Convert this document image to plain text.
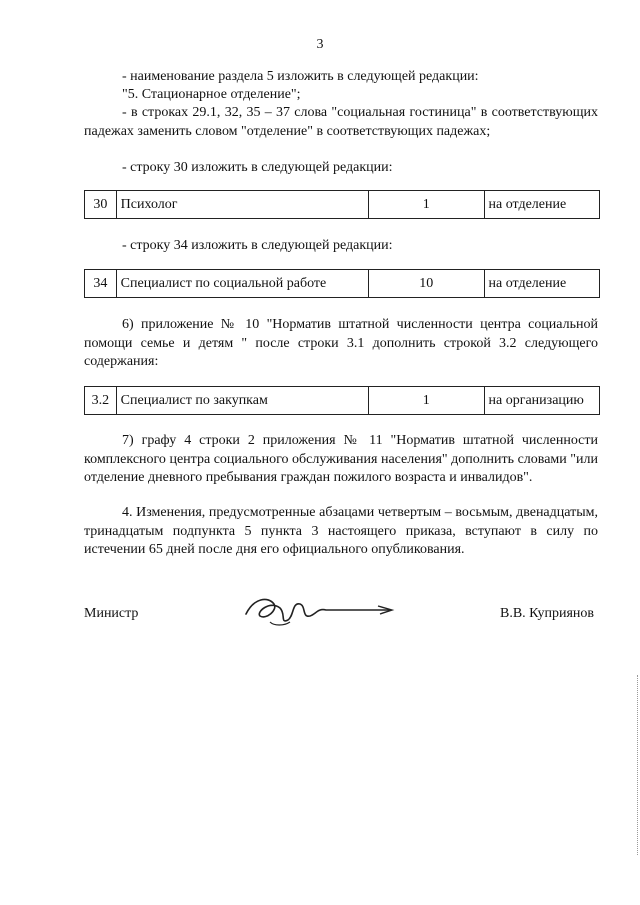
3
- наименование раздела 5 изложить в следующей редакции:
"5. Стационарное отделение";
- в строках 29.1, 32, 35 – 37 слова "социальная гостиница" в соответствующих падежах заменить словом "отделение" в соответствующих падежах;
- строку 30 изложить в следующей редакции:
30	Психолог	1	на отделение
- строку 34 изложить в следующей редакции:
34	Специалист по социальной работе	10	на отделение
6) приложение № 10 "Норматив штатной численности центра социальной помощи семье и детям " после строки 3.1 дополнить строкой 3.2 следующего содержания:
3.2	Специалист по закупкам	1	на организацию
7) графу 4 строки 2 приложения № 11 "Норматив штатной численности комплексного центра социального обслуживания населения" дополнить словами "или отделение дневного пребывания граждан пожилого возраста и инвалидов".
4. Изменения, предусмотренные абзацами четвертым – восьмым, двенадцатым, тринадцатым подпункта 5 пункта 3 настоящего приказа, вступают в силу по истечении 65 дней после дня его официального опубликования.
Министр	В.В. Куприянов
